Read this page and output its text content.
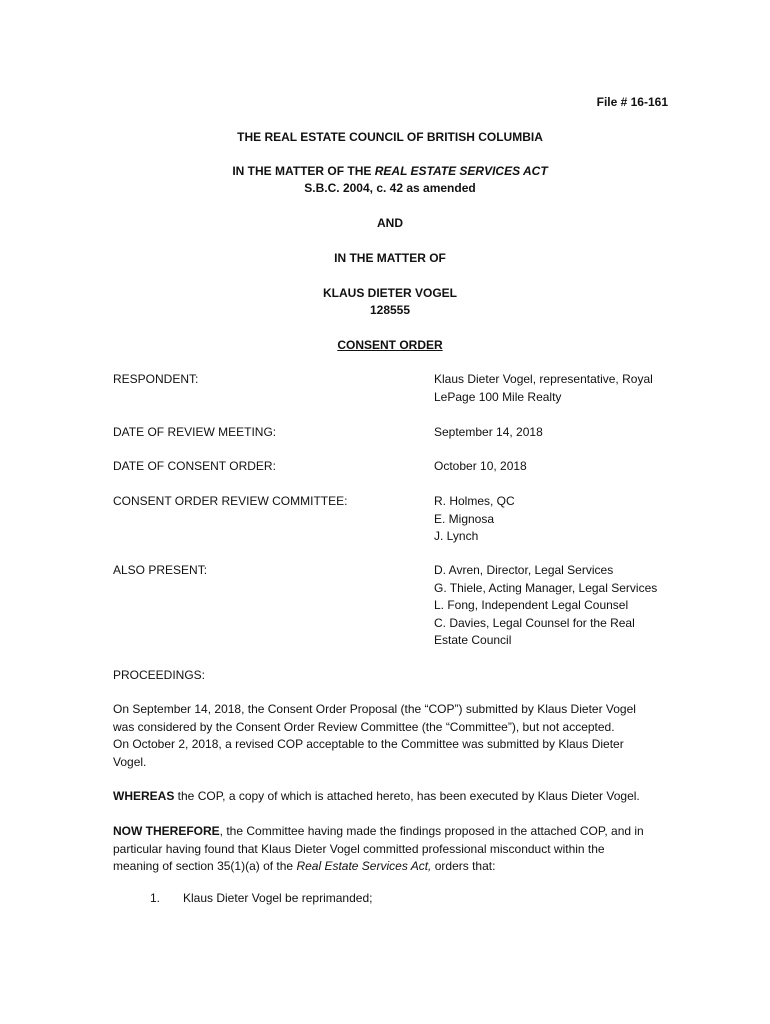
File # 16-161
THE REAL ESTATE COUNCIL OF BRITISH COLUMBIA
IN THE MATTER OF THE REAL ESTATE SERVICES ACT
S.B.C. 2004, c. 42 as amended
AND
IN THE MATTER OF
KLAUS DIETER VOGEL
128555
CONSENT ORDER
RESPONDENT:	Klaus Dieter Vogel, representative, Royal
LePage 100 Mile Realty
DATE OF REVIEW MEETING:	September 14, 2018
DATE OF CONSENT ORDER:	October 10, 2018
CONSENT ORDER REVIEW COMMITTEE:	R. Holmes, QC
E. Mignosa
J. Lynch
ALSO PRESENT:	D. Avren, Director, Legal Services
G. Thiele, Acting Manager, Legal Services
L. Fong, Independent Legal Counsel
C. Davies, Legal Counsel for the Real
Estate Council
PROCEEDINGS:
On September 14, 2018, the Consent Order Proposal (the “COP”) submitted by Klaus Dieter Vogel
was considered by the Consent Order Review Committee (the “Committee”), but not accepted.
On October 2, 2018, a revised COP acceptable to the Committee was submitted by Klaus Dieter
Vogel.
WHEREAS the COP, a copy of which is attached hereto, has been executed by Klaus Dieter Vogel.
NOW THEREFORE, the Committee having made the findings proposed in the attached COP, and in
particular having found that Klaus Dieter Vogel committed professional misconduct within the
meaning of section 35(1)(a) of the Real Estate Services Act, orders that:
1. Klaus Dieter Vogel be reprimanded;
